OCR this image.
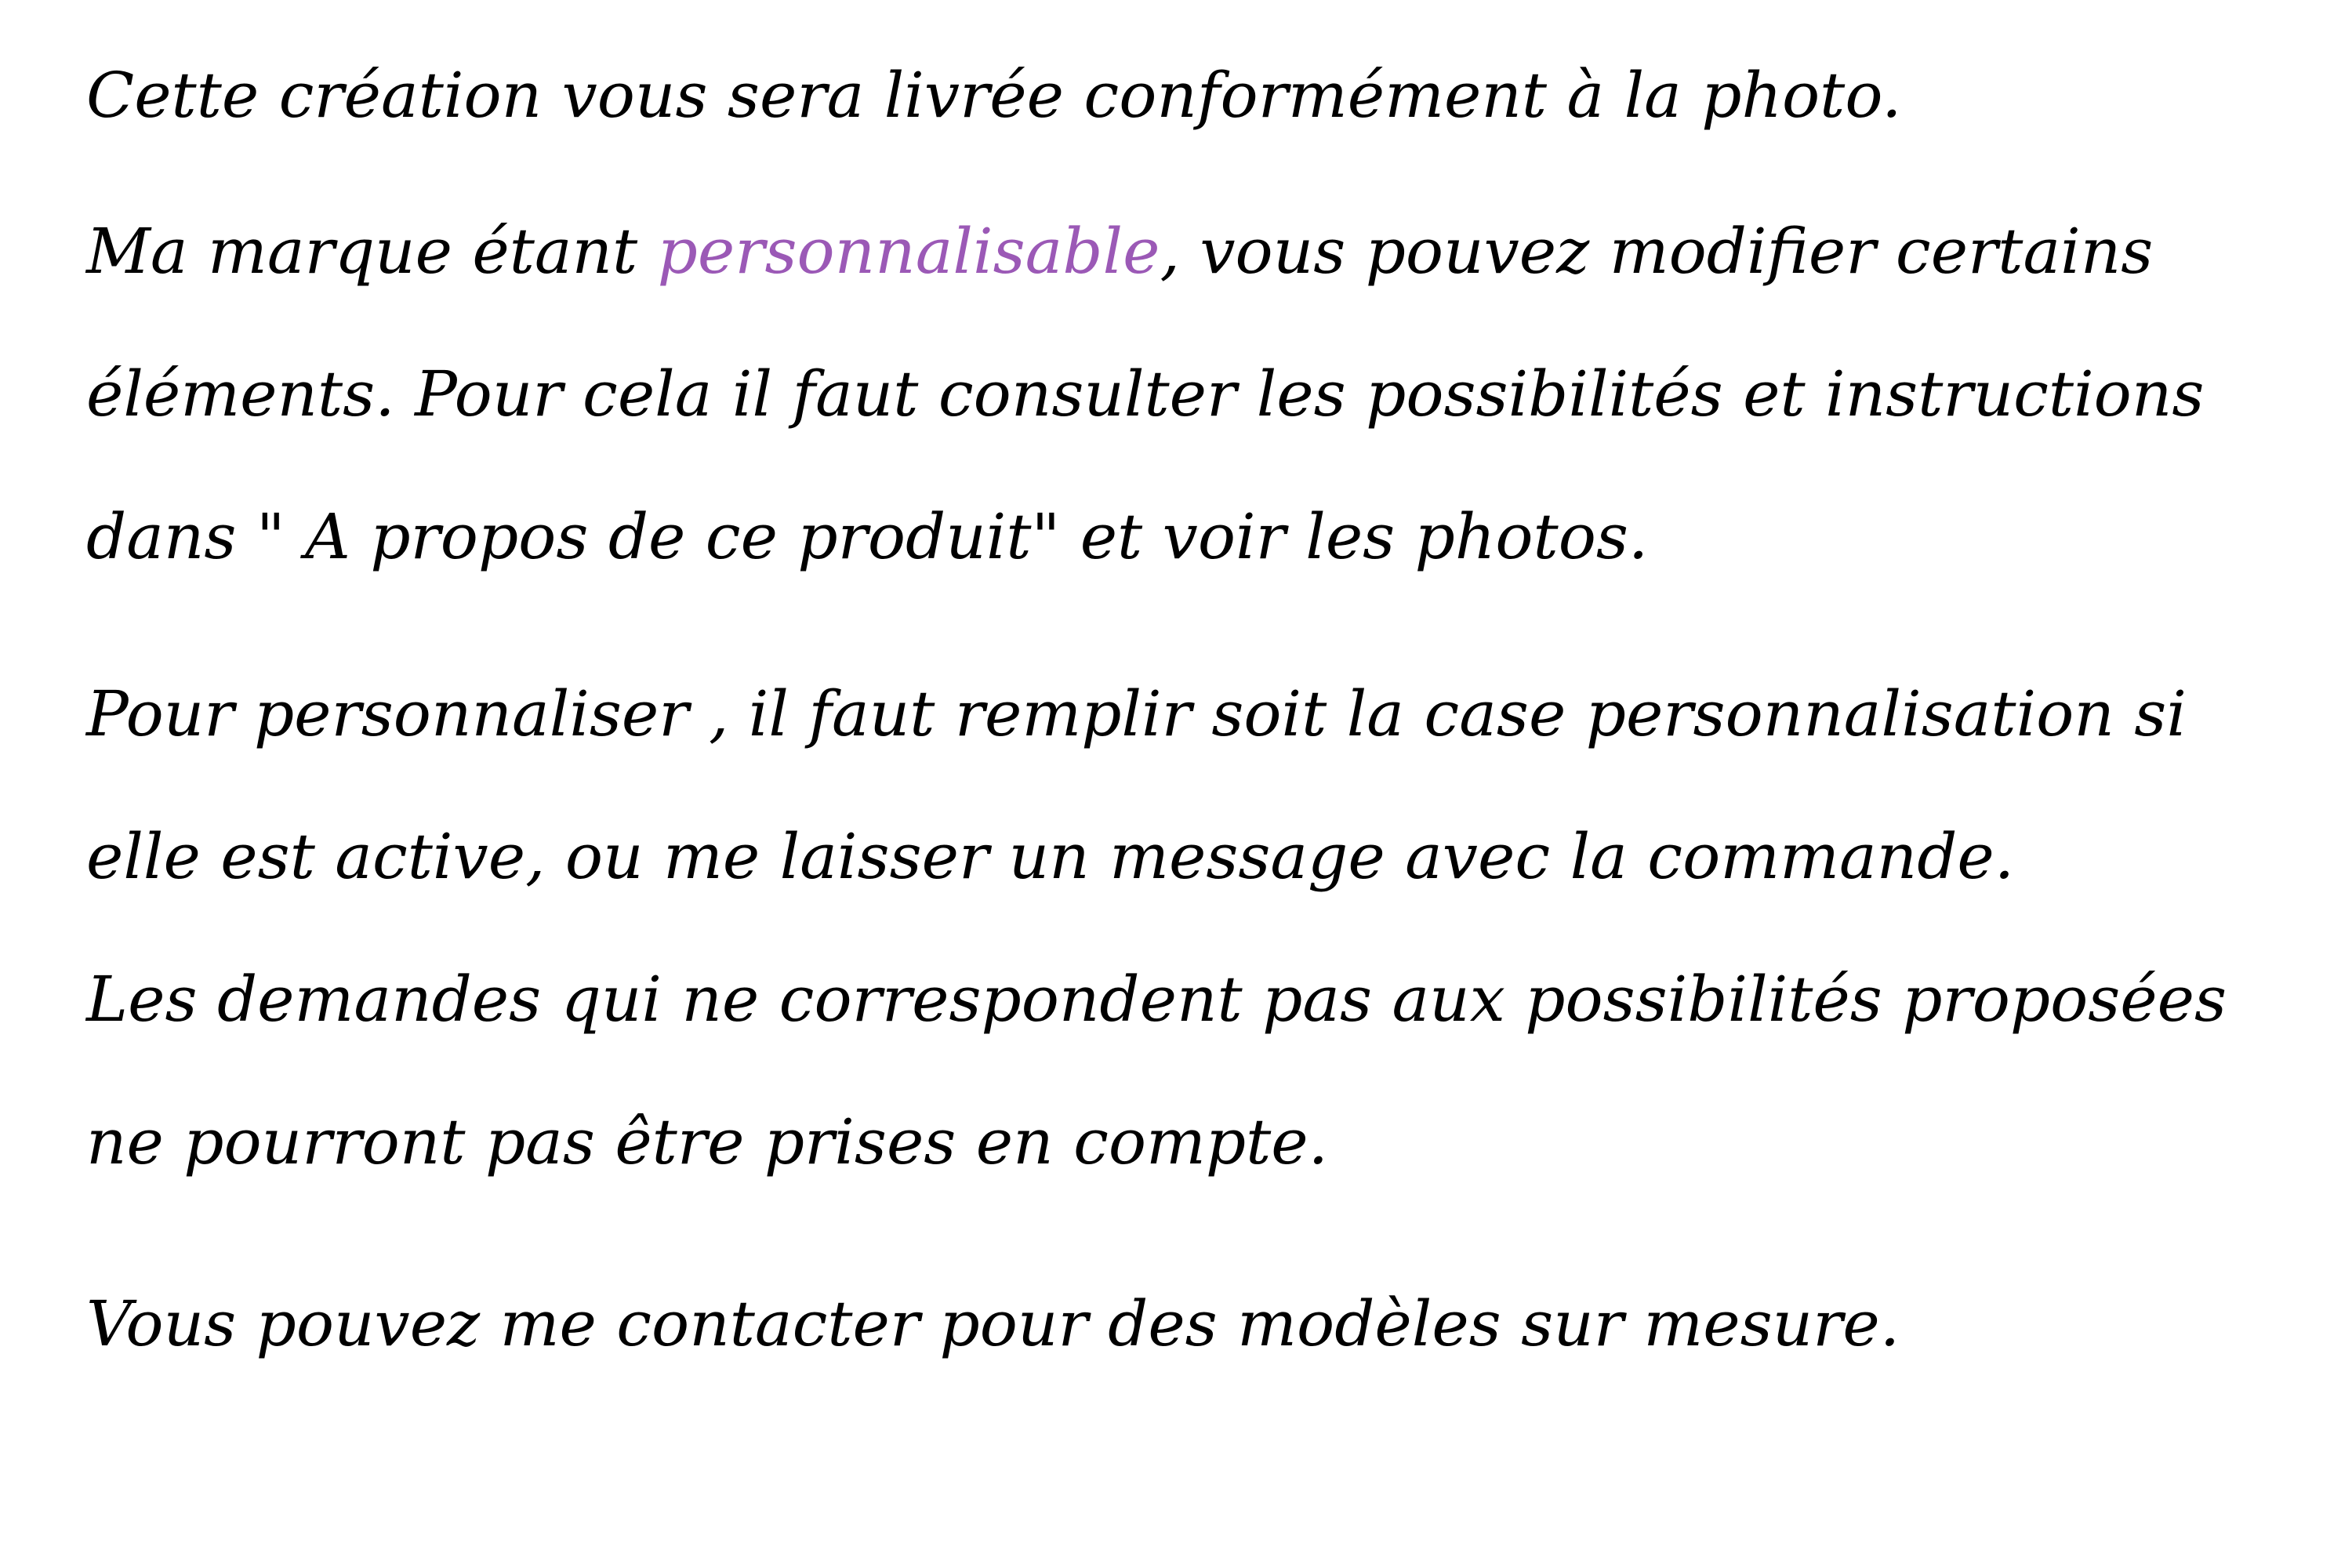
Cette création vous sera livrée conformément à la photo.

Ma marque étant personnalisable, vous pouvez modifier certains éléments. Pour cela il faut consulter les possibilités et instructions dans " A propos de ce produit" et voir les photos.

Pour personnaliser , il faut remplir soit la case personnalisation si elle est active, ou me laisser un message avec la commande.
Les demandes qui ne correspondent pas aux possibilités proposées ne pourront pas être prises en compte.

Vous pouvez me contacter pour des modèles sur mesure.
